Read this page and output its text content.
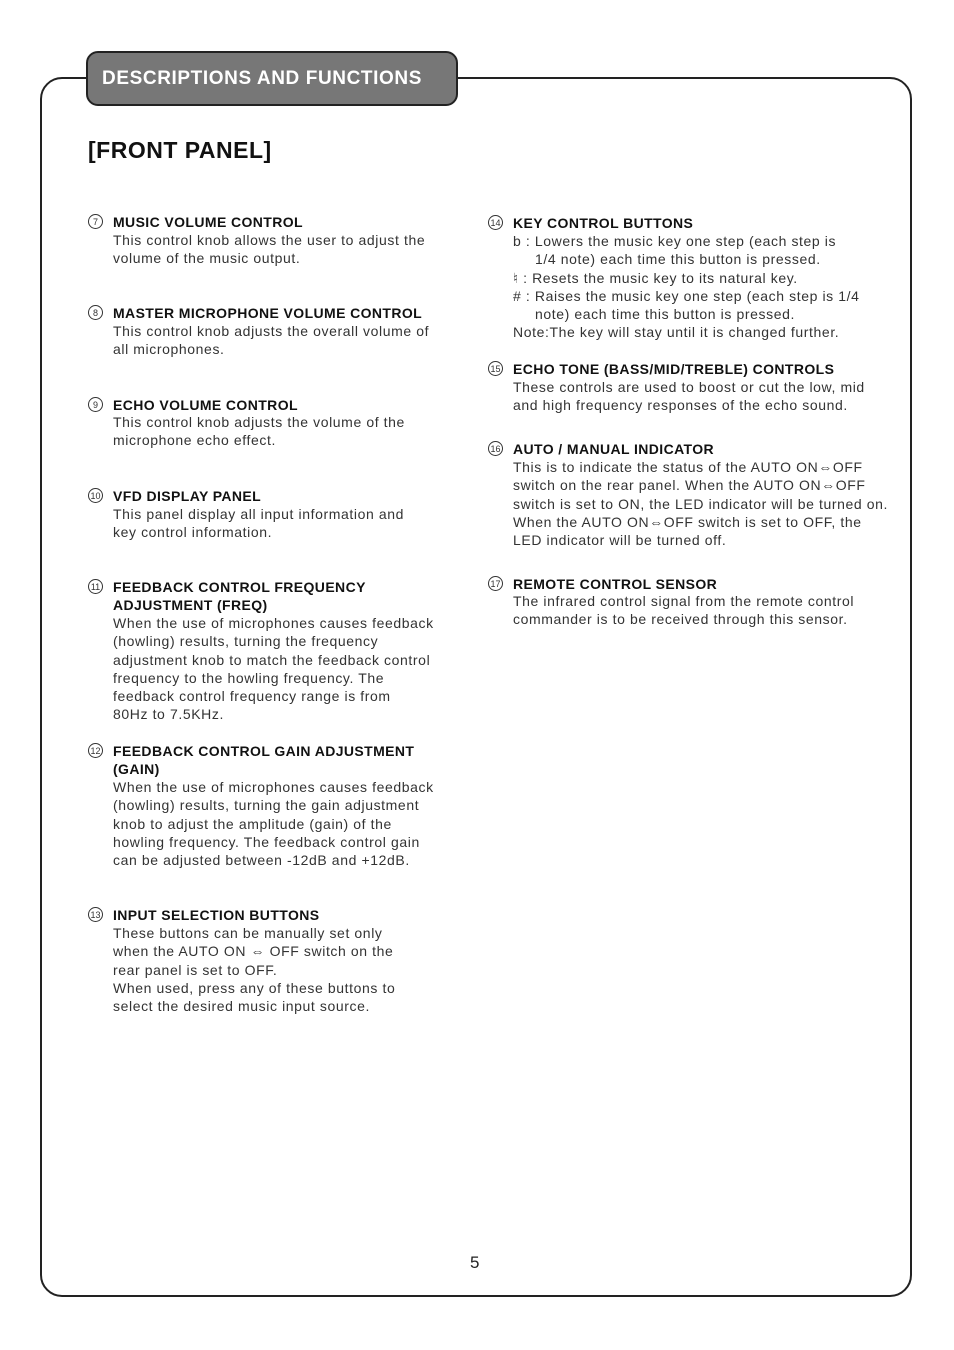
DESCRIPTIONS AND FUNCTIONS
[FRONT PANEL]
7	MUSIC VOLUME CONTROL
This control knob allows the user to adjust the
volume of the music output.
8	MASTER MICROPHONE VOLUME CONTROL
This control knob adjusts the overall volume of
all microphones.
9	ECHO VOLUME CONTROL
This control knob adjusts the volume of the
microphone echo effect.
10 VFD DISPLAY PANEL
This panel display all input information and
key control information.
11 FEEDBACK CONTROL FREQUENCY
ADJUSTMENT (FREQ)
When the use of microphones causes feedback
(howling) results, turning the frequency
adjustment knob to match the feedback control
frequency to the howling frequency. The
feedback control frequency range is from
80Hz to 7.5KHz.
12 FEEDBACK CONTROL GAIN ADJUSTMENT
(GAIN)
When the use of microphones causes feedback
(howling) results, turning the gain adjustment
knob to adjust the amplitude (gain) of the
howling frequency. The feedback control gain
can be adjusted between -12dB and +12dB.
13 INPUT SELECTION BUTTONS
These buttons can be manually set only
when the AUTO ON ⇔ OFF switch on the
rear panel is set to OFF.
When used, press any of these buttons to
select the desired music input source.
14 KEY CONTROL BUTTONS
b : Lowers the music key one step (each step is
1/4 note) each time this button is pressed.
♮ : Resets the music key to its natural key.
# : Raises the music key one step (each step is 1/4
note) each time this button is pressed.
Note:The key will stay until it is changed further.
15 ECHO TONE (BASS/MID/TREBLE) CONTROLS
These controls are used to boost or cut the low, mid
and high frequency responses of the echo sound.
16 AUTO / MANUAL INDICATOR
This is to indicate the status of the AUTO ON⇔OFF
switch on the rear panel. When the AUTO ON⇔OFF
switch is set to ON, the LED indicator will be turned on.
When the AUTO ON⇔OFF switch is set to OFF, the
LED indicator will be turned off.
17 REMOTE CONTROL SENSOR
The infrared control signal from the remote control
commander is to be received through this sensor.
5
